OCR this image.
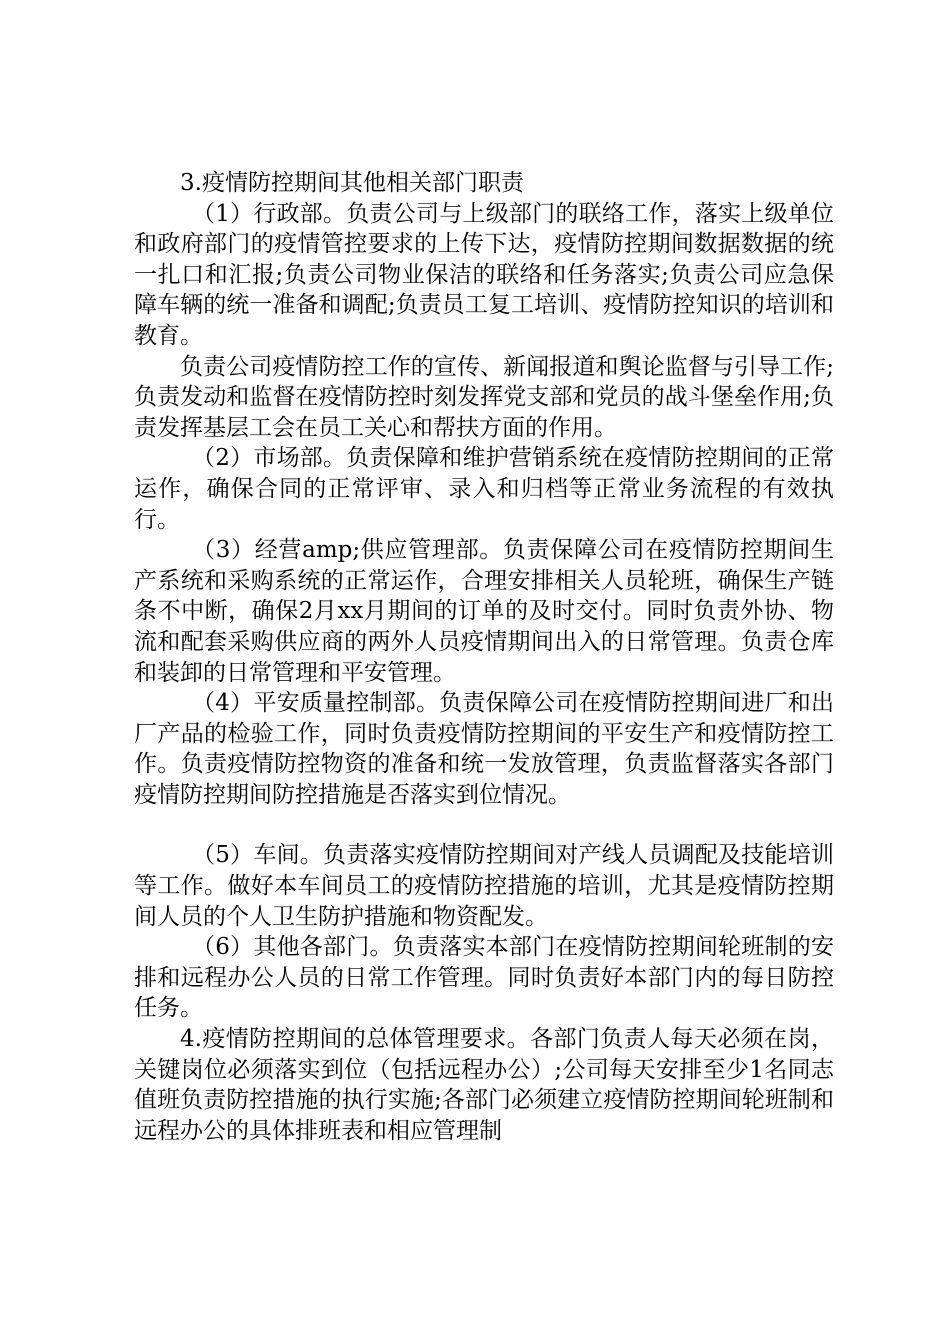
3.疫情防控期间其他相关部门职责

（1）行政部。负责公司与上级部门的联络工作，落实上级单位和政府部门的疫情管控要求的上传下达，疫情防控期间数据数据的统一扎口和汇报;负责公司物业保洁的联络和任务落实;负责公司应急保障车辆的统一准备和调配;负责员工复工培训、疫情防控知识的培训和教育。

负责公司疫情防控工作的宣传、新闻报道和舆论监督与引导工作;负责发动和监督在疫情防控时刻发挥党支部和党员的战斗堡垒作用;负责发挥基层工会在员工关心和帮扶方面的作用。

（2）市场部。负责保障和维护营销系统在疫情防控期间的正常运作，确保合同的正常评审、录入和归档等正常业务流程的有效执行。

（3）经营amp;供应管理部。负责保障公司在疫情防控期间生产系统和采购系统的正常运作，合理安排相关人员轮班，确保生产链条不中断，确保2月xx月期间的订单的及时交付。同时负责外协、物流和配套采购供应商的两外人员疫情期间出入的日常管理。负责仓库和装卸的日常管理和平安管理。

（4）平安质量控制部。负责保障公司在疫情防控期间进厂和出厂产品的检验工作，同时负责疫情防控期间的平安生产和疫情防控工作。负责疫情防控物资的准备和统一发放管理，负责监督落实各部门疫情防控期间防控措施是否落实到位情况。

（5）车间。负责落实疫情防控期间对产线人员调配及技能培训等工作。做好本车间员工的疫情防控措施的培训，尤其是疫情防控期间人员的个人卫生防护措施和物资配发。

（6）其他各部门。负责落实本部门在疫情防控期间轮班制的安排和远程办公人员的日常工作管理。同时负责好本部门内的每日防控任务。

4.疫情防控期间的总体管理要求。各部门负责人每天必须在岗，关键岗位必须落实到位（包括远程办公）;公司每天安排至少1名同志值班负责防控措施的执行实施;各部门必须建立疫情防控期间轮班制和远程办公的具体排班表和相应管理制
